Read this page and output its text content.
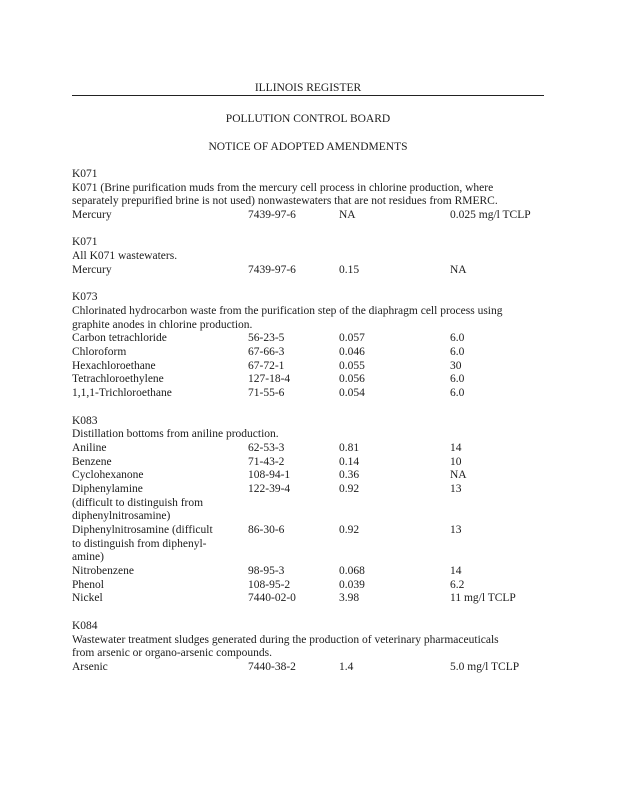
ILLINOIS REGISTER
POLLUTION CONTROL BOARD
NOTICE OF ADOPTED AMENDMENTS
K071
K071 (Brine purification muds from the mercury cell process in chlorine production, where
separately prepurified brine is not used) nonwastewaters that are not residues from RMERC.
Mercury	7439-97-6	NA	0.025 mg/l TCLP
K071
All K071 wastewaters.
Mercury	7439-97-6	0.15	NA
K073
Chlorinated hydrocarbon waste from the purification step of the diaphragm cell process using
graphite anodes in chlorine production.
Carbon tetrachloride	56-23-5	0.057	6.0
Chloroform	67-66-3	0.046	6.0
Hexachloroethane	67-72-1	0.055	30
Tetrachloroethylene	127-18-4	0.056	6.0
1,1,1-Trichloroethane	71-55-6	0.054	6.0
K083
Distillation bottoms from aniline production.
Aniline	62-53-3	0.81	14
Benzene	71-43-2	0.14	10
Cyclohexanone	108-94-1	0.36	NA
Diphenylamine	122-39-4	0.92	13
(difficult to distinguish from
diphenylnitrosamine)
Diphenylnitrosamine (difficult	86-30-6	0.92	13
to distinguish from diphenyl-
amine)
Nitrobenzene	98-95-3	0.068	14
Phenol	108-95-2	0.039	6.2
Nickel	7440-02-0	3.98	11 mg/l TCLP
K084
Wastewater treatment sludges generated during the production of veterinary pharmaceuticals
from arsenic or organo-arsenic compounds.
Arsenic	7440-38-2	1.4	5.0 mg/l TCLP
